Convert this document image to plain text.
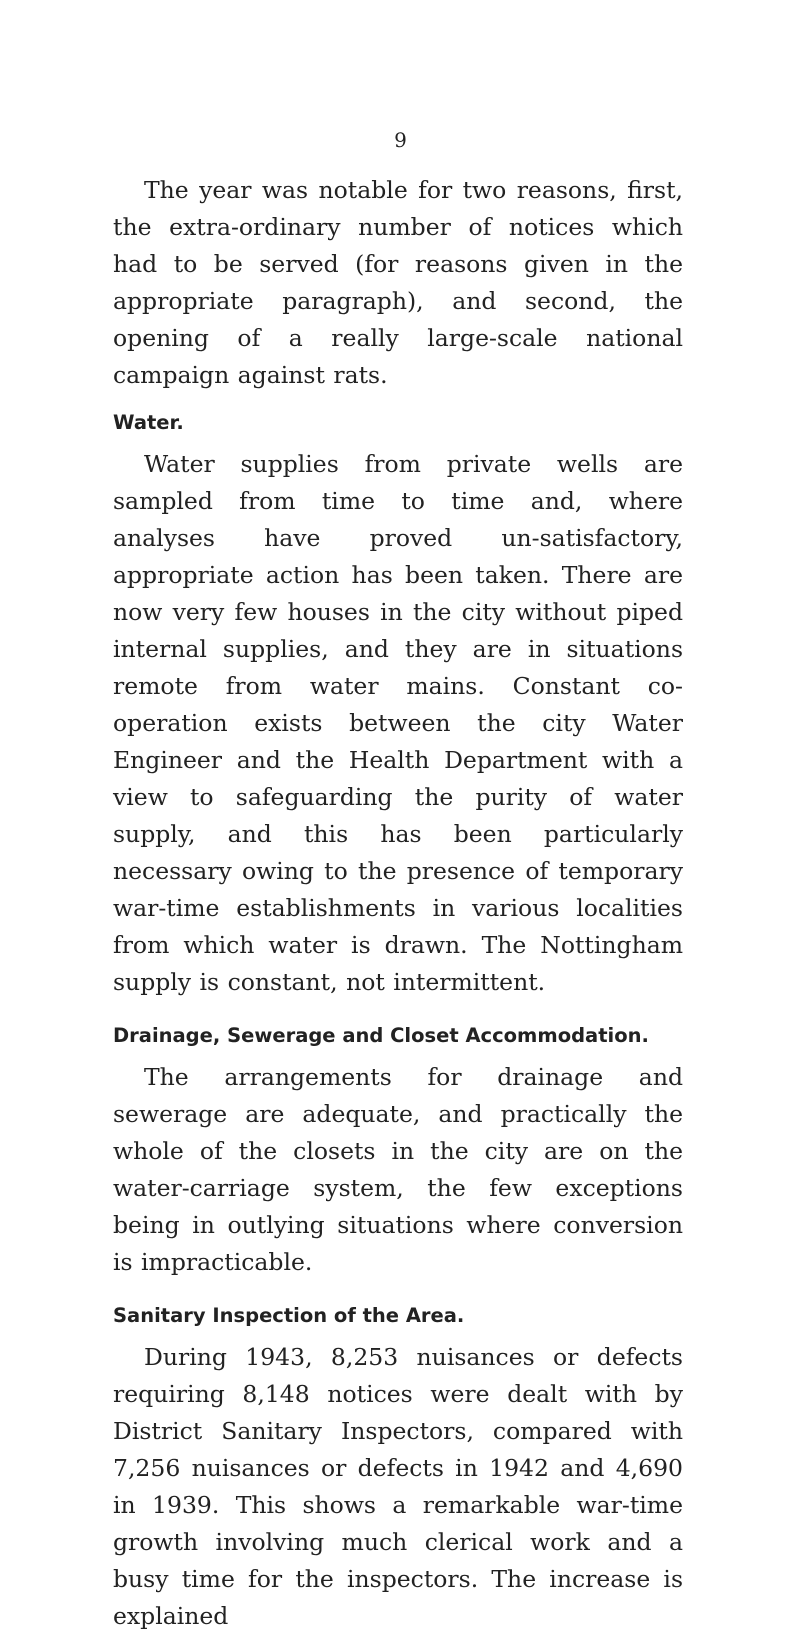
9

The year was notable for two reasons, first, the extra-ordinary number of notices which had to be served (for reasons given in the appropriate paragraph), and second, the opening of a really large-scale national campaign against rats.

Water.

Water supplies from private wells are sampled from time to time and, where analyses have proved un-satisfactory, appropriate action has been taken. There are now very few houses in the city without piped internal supplies, and they are in situations remote from water mains. Constant co-operation exists between the city Water Engineer and the Health Department with a view to safeguarding the purity of water supply, and this has been particularly necessary owing to the presence of temporary war-time establishments in various localities from which water is drawn. The Nottingham supply is constant, not intermittent.

Drainage, Sewerage and Closet Accommodation.

The arrangements for drainage and sewerage are adequate, and practically the whole of the closets in the city are on the water-carriage system, the few exceptions being in outlying situations where conversion is impracticable.

Sanitary Inspection of the Area.

During 1943, 8,253 nuisances or defects requiring 8,148 notices were dealt with by District Sanitary Inspectors, compared with 7,256 nuisances or defects in 1942 and 4,690 in 1939. This shows a remarkable war-time growth involving much clerical work and a busy time for the inspectors. The increase is explained
